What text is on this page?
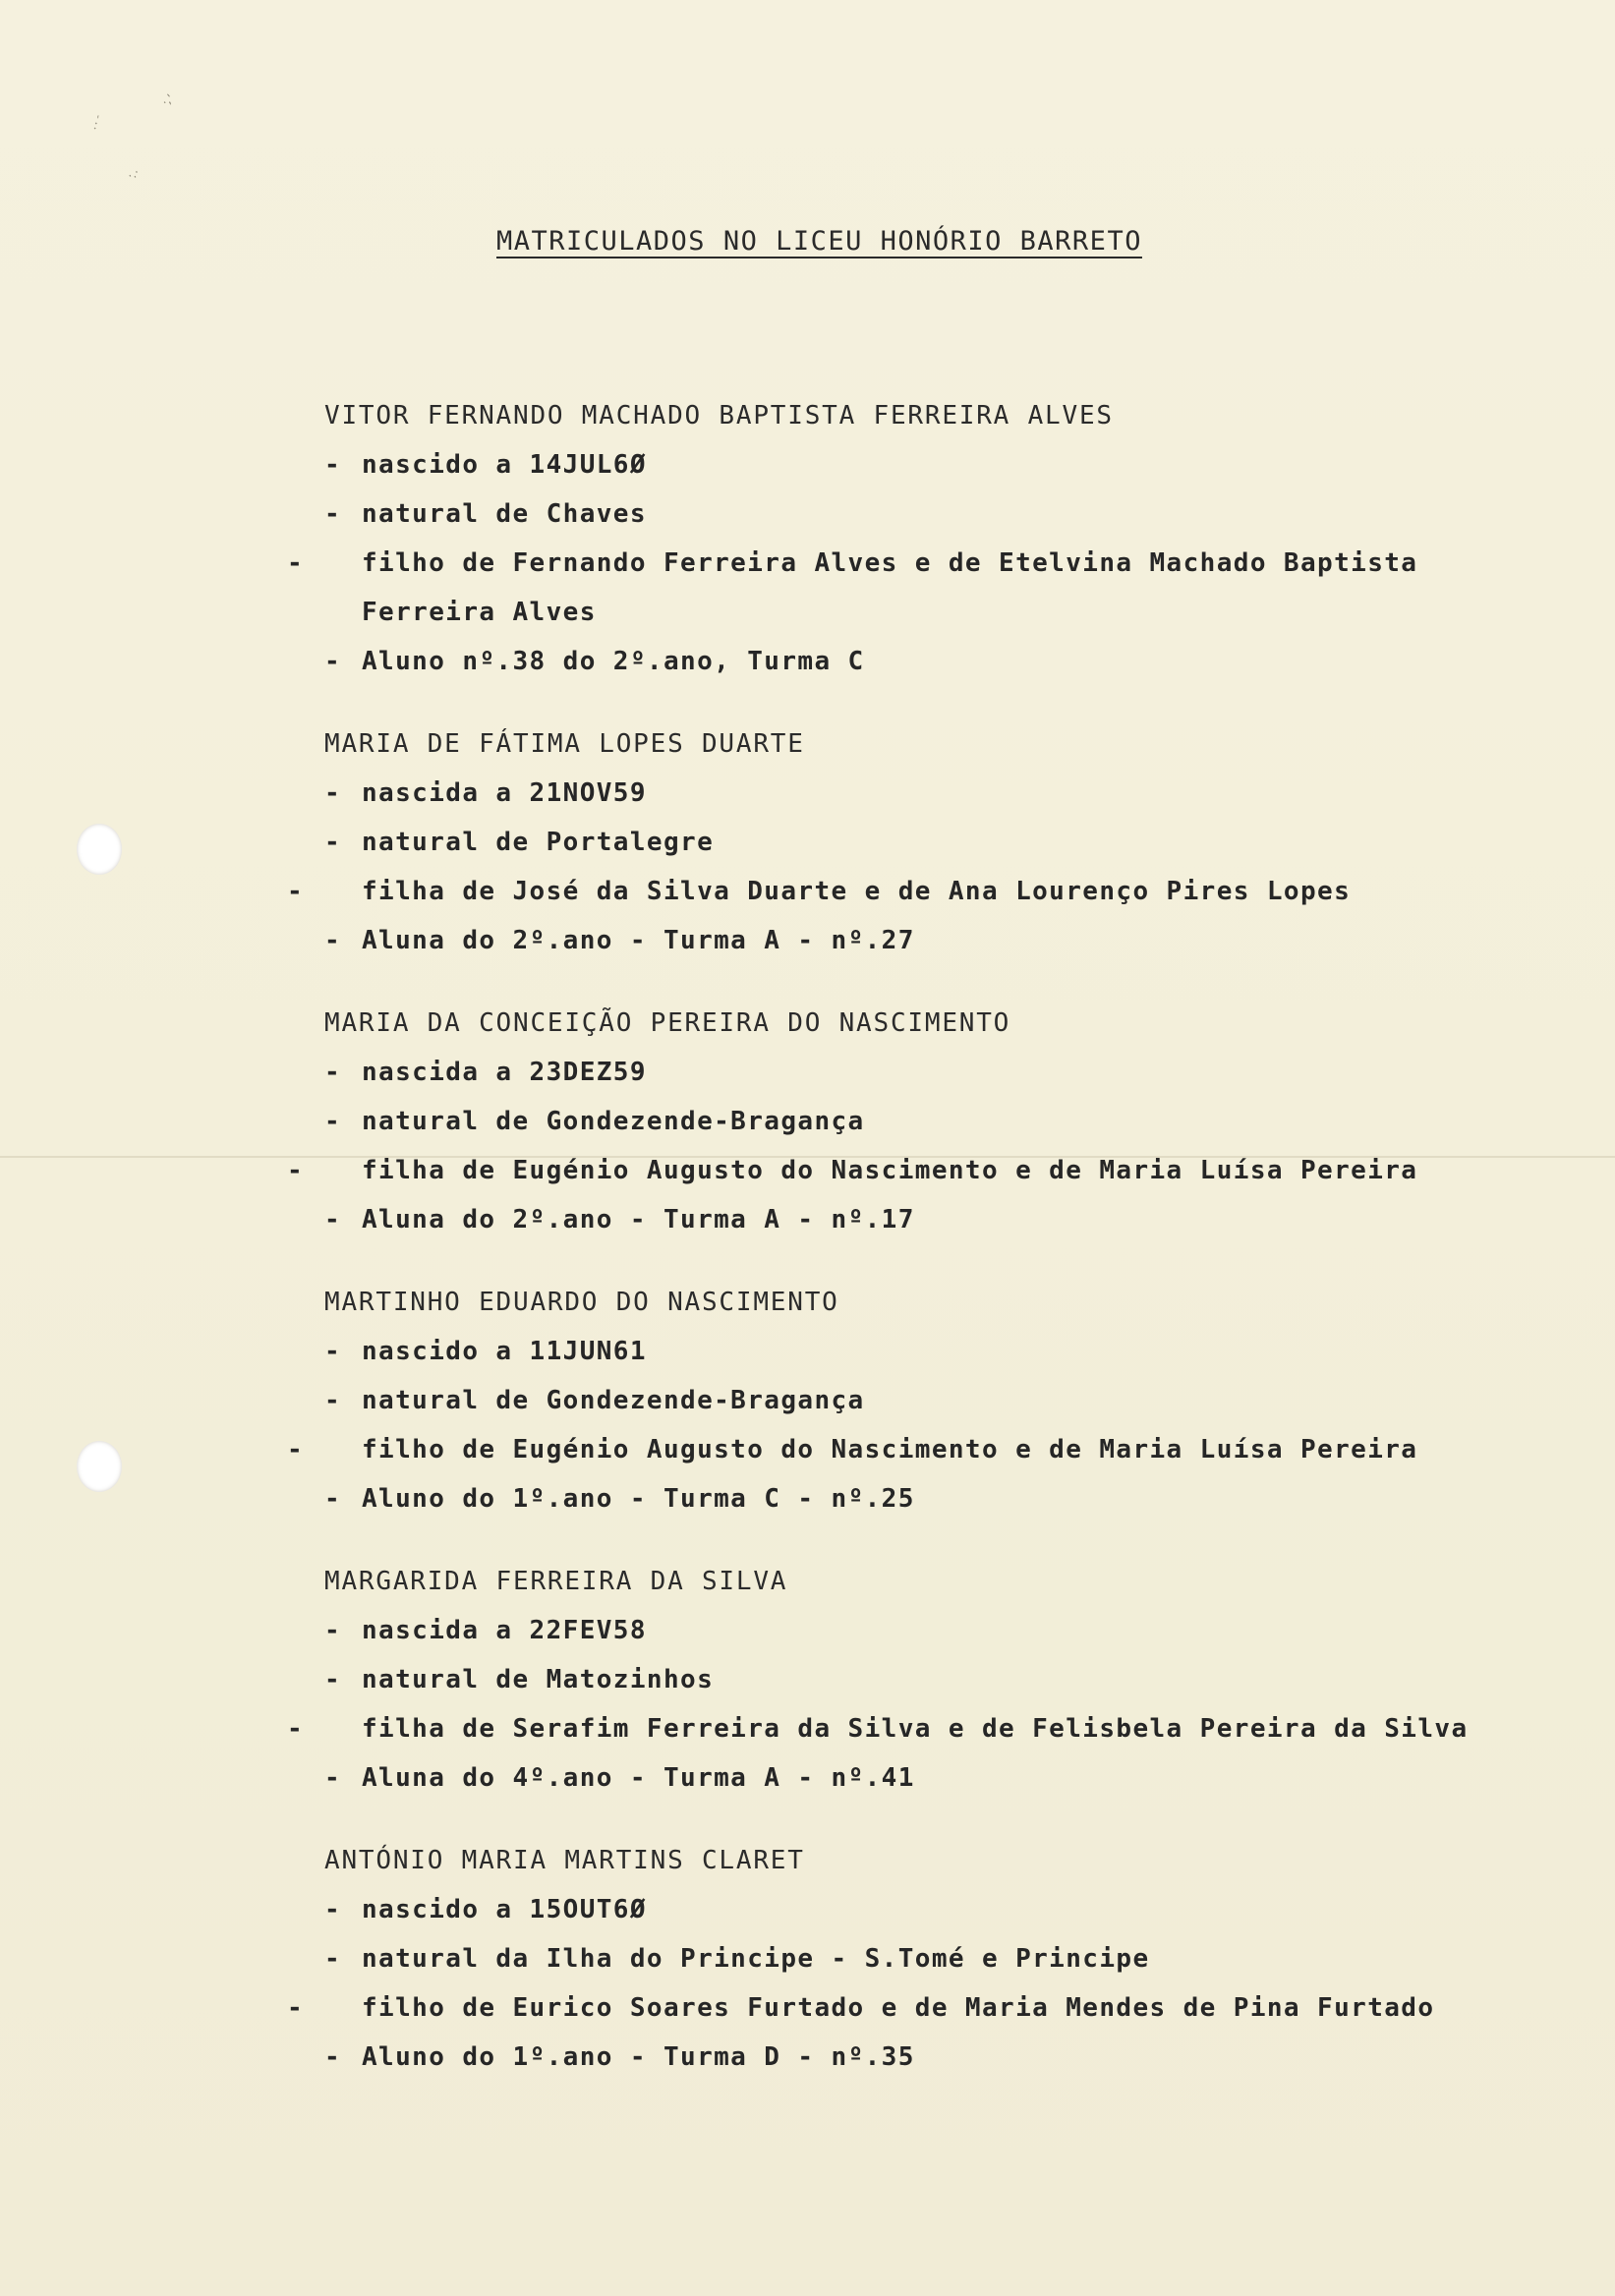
.·´
·,'
·.·
MATRICULADOS NO LICEU HONÓRIO BARRETO
VITOR FERNANDO MACHADO BAPTISTA FERREIRA ALVES
- nascido a 14JUL6Ø
- natural de Chaves
- filho de Fernando Ferreira Alves e de Etelvina Machado Baptista Ferreira Alves
- Aluno nº.38 do 2º.ano, Turma C
MARIA DE FÁTIMA LOPES DUARTE
- nascida a 21NOV59
- natural de Portalegre
- filha de José da Silva Duarte e de Ana Lourenço Pires Lopes
- Aluna do 2º.ano - Turma A - nº.27
MARIA DA CONCEIÇÃO PEREIRA DO NASCIMENTO
- nascida a 23DEZ59
- natural de Gondezende-Bragança
- filha de Eugénio Augusto do Nascimento e de Maria Luísa Pereira
- Aluna do 2º.ano - Turma A - nº.17
MARTINHO EDUARDO DO NASCIMENTO
- nascido a 11JUN61
- natural de Gondezende-Bragança
- filho de Eugénio Augusto do Nascimento e de Maria Luísa Pereira
- Aluno do 1º.ano - Turma C - nº.25
MARGARIDA FERREIRA DA SILVA
- nascida a 22FEV58
- natural de Matozinhos
- filha de Serafim Ferreira da Silva e de Felisbela Pereira da Silva
- Aluna do 4º.ano - Turma A - nº.41
ANTÓNIO MARIA MARTINS CLARET
- nascido a 15OUT6Ø
- natural da Ilha do Principe - S.Tomé e Principe
- filho de Eurico Soares Furtado e de Maria Mendes de Pina Furtado
- Aluno do 1º.ano - Turma D - nº.35
